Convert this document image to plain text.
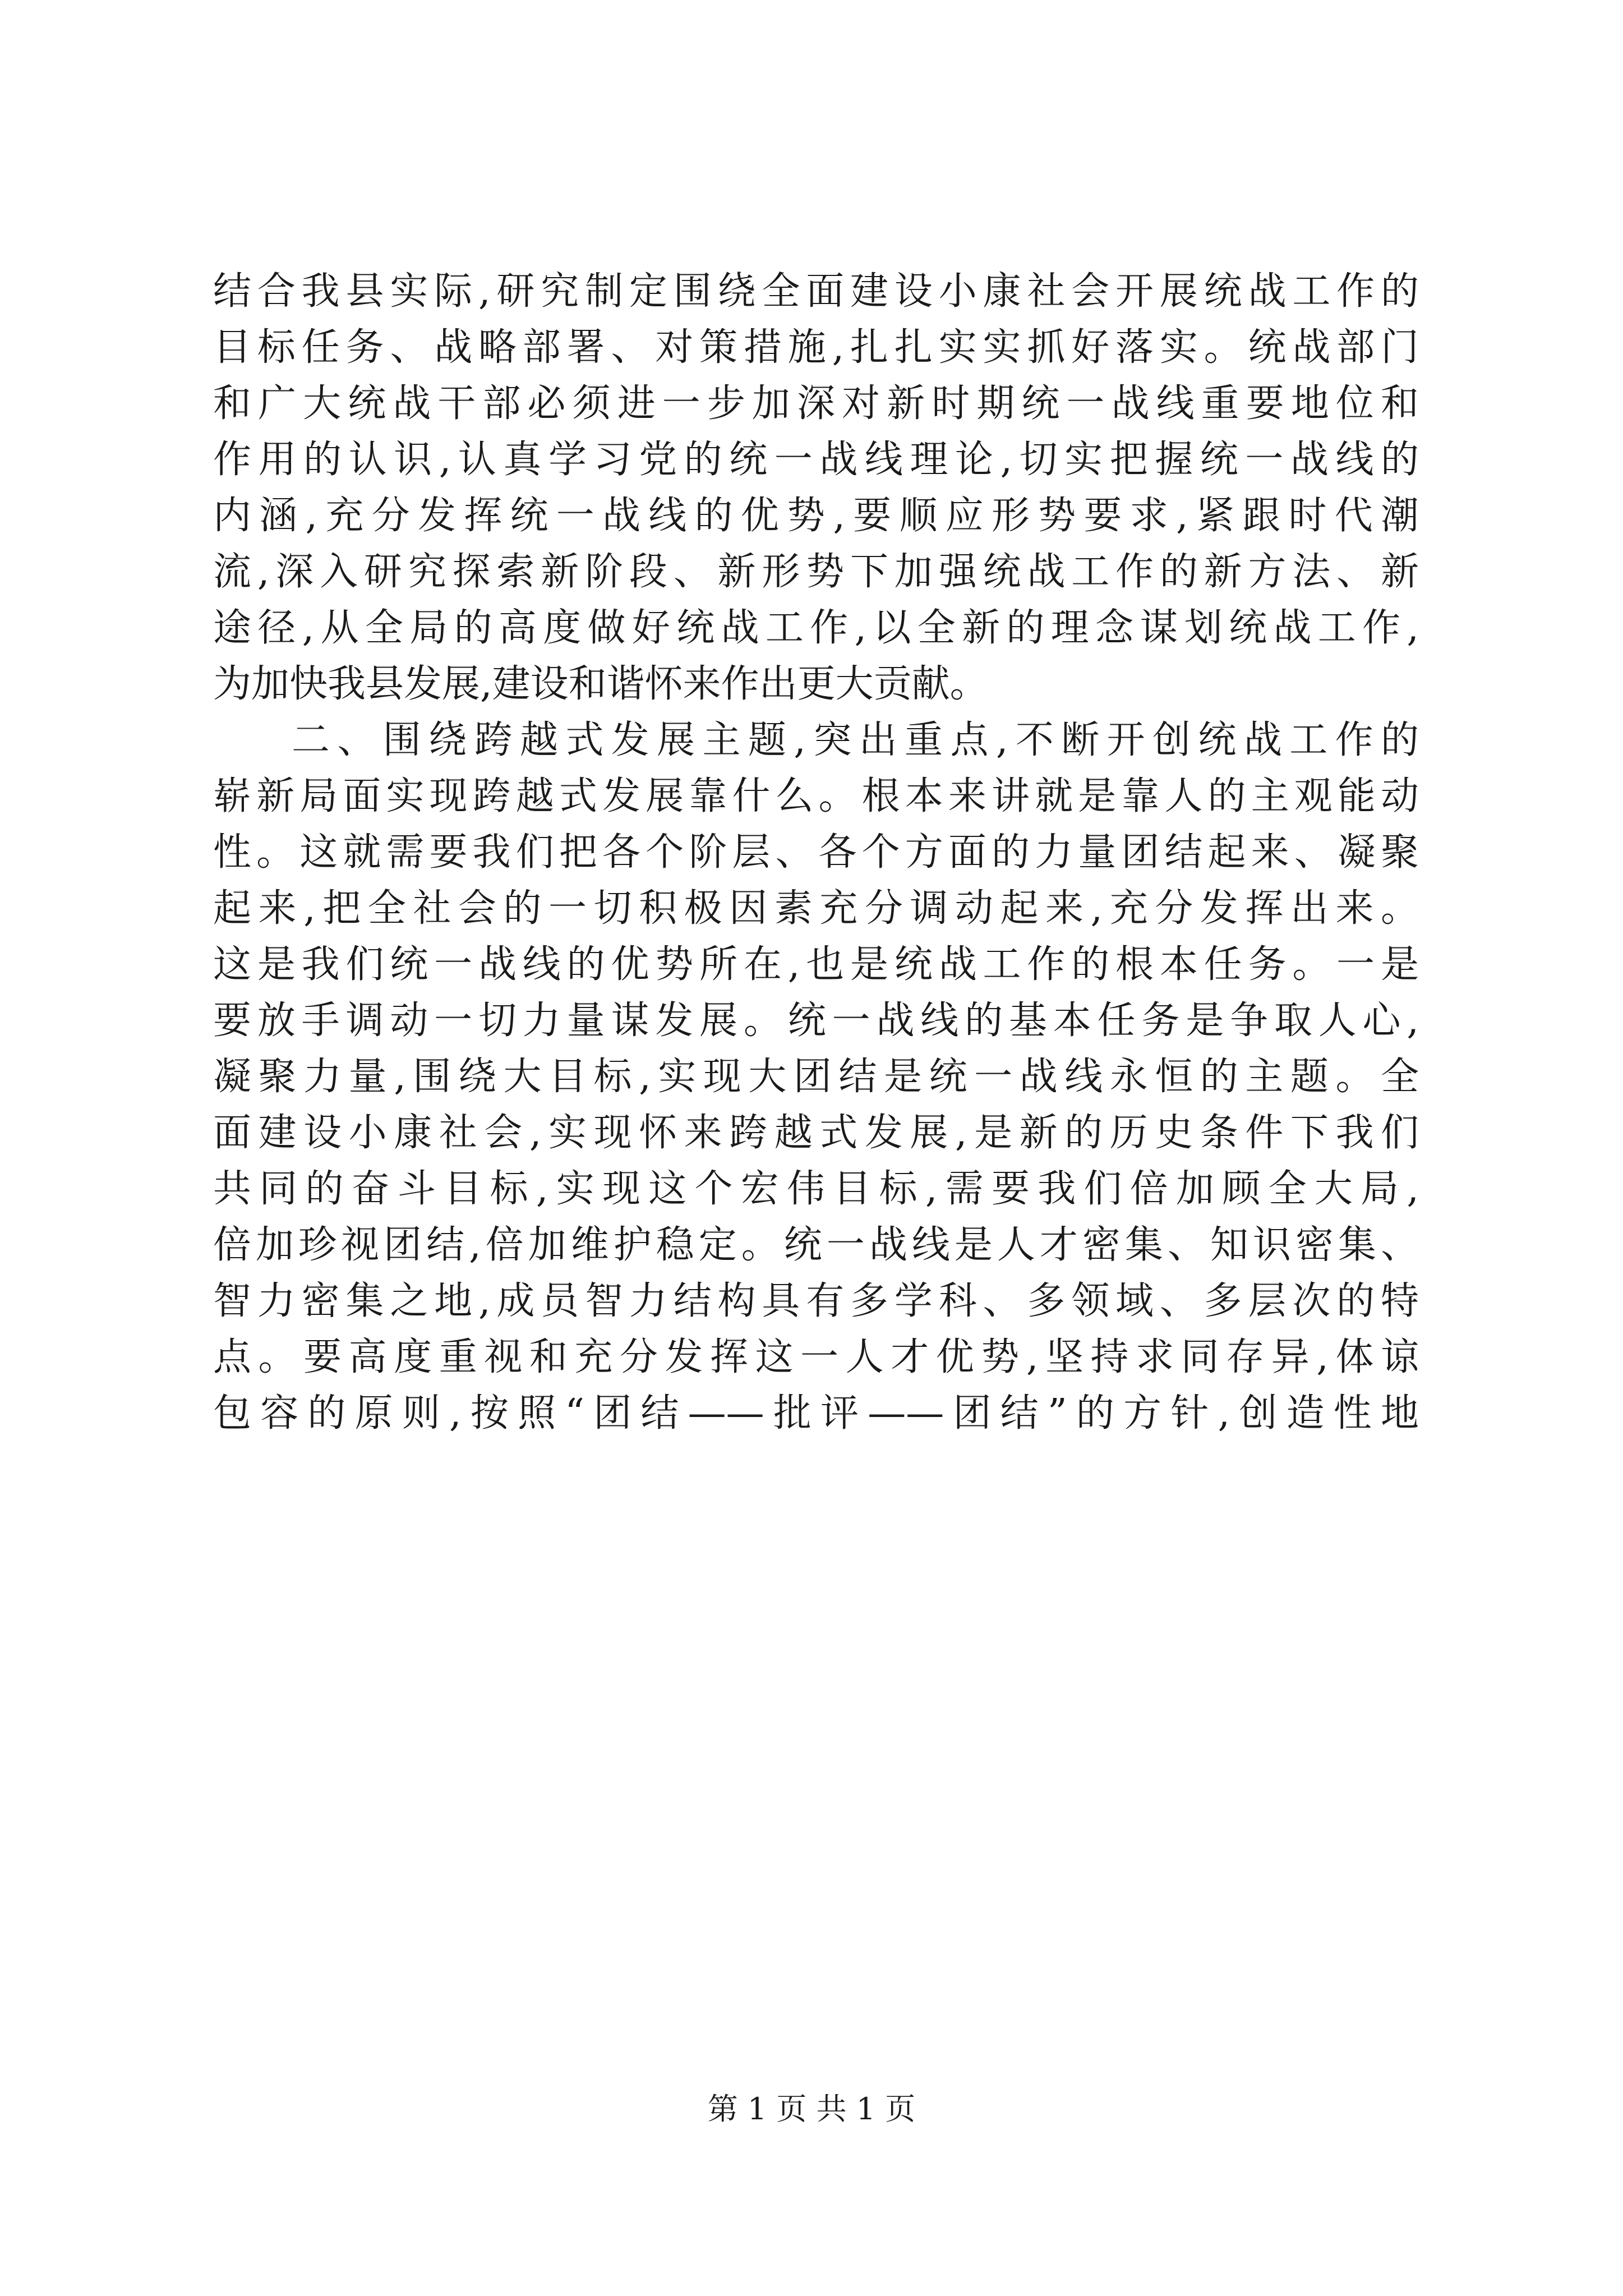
结合我县实际,研究制定围绕全面建设小康社会开展统战工作的
目标任务、战略部署、对策措施,扎扎实实抓好落实。统战部门
和广大统战干部必须进一步加深对新时期统一战线重要地位和
作用的认识,认真学习党的统一战线理论,切实把握统一战线的
内涵,充分发挥统一战线的优势,要顺应形势要求,紧跟时代潮
流,深入研究探索新阶段、新形势下加强统战工作的新方法、新
途径,从全局的高度做好统战工作,以全新的理念谋划统战工作,
为加快我县发展,建设和谐怀来作出更大贡献。
二、围绕跨越式发展主题,突出重点,不断开创统战工作的
崭新局面实现跨越式发展靠什么。根本来讲就是靠人的主观能动
性。这就需要我们把各个阶层、各个方面的力量团结起来、凝聚
起来,把全社会的一切积极因素充分调动起来,充分发挥出来。
这是我们统一战线的优势所在,也是统战工作的根本任务。一是
要放手调动一切力量谋发展。统一战线的基本任务是争取人心,
凝聚力量,围绕大目标,实现大团结是统一战线永恒的主题。全
面建设小康社会,实现怀来跨越式发展,是新的历史条件下我们
共同的奋斗目标,实现这个宏伟目标,需要我们倍加顾全大局,
倍加珍视团结,倍加维护稳定。统一战线是人才密集、知识密集、
智力密集之地,成员智力结构具有多学科、多领域、多层次的特
点。要高度重视和充分发挥这一人才优势,坚持求同存异,体谅
包容的原则,按照“团结——批评——团结”的方针,创造性地
第 1 页 共 1 页
